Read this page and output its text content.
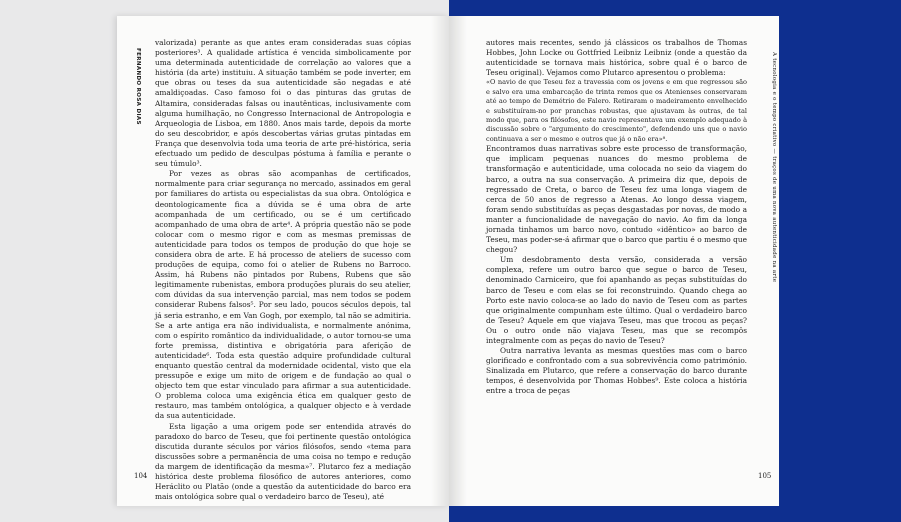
FERNANDO ROSA DIAS

valorizada) perante as que antes eram consideradas suas cópias posteriores³. A qualidade artística é vencida simbolicamente por uma determinada autenticidade de correlação ao valores que a história (da arte) instituiu. A situação também se pode inverter, em que obras ou teses da sua autenticidade são negadas e até amaldiçoadas. Caso famoso foi o das pinturas das grutas de Altamira, consideradas falsas ou inautênticas, inclusivamente com alguma humilhação, no Congresso Internacional de Antropologia e Arqueologia de Lisboa, em 1880. Anos mais tarde, depois da morte do seu descobridor, e após descobertas várias grutas pintadas em França que desenvolvia toda uma teoria de arte pré-histórica, seria efectuado um pedido de desculpas póstuma à família e perante o seu túmulo³.

Por vezes as obras são acompanhas de certificados, normalmente para criar segurança no mercado, assinados em geral por familiares do artista ou especialistas da sua obra. Ontológica e deontologicamente fica a dúvida se é uma obra de arte acompanhada de um certificado, ou se é um certificado acompanhado de uma obra de arte⁴. A própria questão não se pode colocar com o mesmo rigor e com as mesmas premissas de autenticidade para todos os tempos de produção do que hoje se considera obra de arte. E há processo de ateliers de sucesso com produções de equipa, como foi o atelier de Rubens no Barroco. Assim, há Rubens não pintados por Rubens, Rubens que são legitimamente rubenistas, embora produções plurais do seu atelier, com dúvidas da sua intervenção parcial, mas nem todos se podem considerar Rubens falsos⁵. Por seu lado, poucos séculos depois, tal já seria estranho, e em Van Gogh, por exemplo, tal não se admitiria. Se a arte antiga era não individualista, e normalmente anónima, com o espírito romântico da individualidade, o autor tornou-se uma forte premissa, distintiva e obrigatória para aferição de autenticidade⁶. Toda esta questão adquire profundidade cultural enquanto questão central da modernidade ocidental, visto que ela pressupõe e exige um mito de origem e de fundação ao qual o objecto tem que estar vinculado para afirmar a sua autenticidade. O problema coloca uma exigência ética em qualquer gesto de restauro, mas também ontológica, a qualquer objecto e à verdade da sua autenticidade.

Esta ligação a uma origem pode ser entendida através do paradoxo do barco de Teseu, que foi pertinente questão ontológica discutida durante séculos por vários filósofos, sendo «tema para discussões sobre a permanência de uma coisa no tempo e redução da margem de identificação da mesma»⁷. Plutarco fez a mediação histórica deste problema filosófico de autores anteriores, como Heráclito ou Platão (onde a questão da autenticidade do barco era mais ontológica sobre qual o verdadeiro barco de Teseu), até

104
A tecnologia e o tempo criativo — traços de uma nova autenticidade na arte

autores mais recentes, sendo já clássicos os trabalhos de Thomas Hobbes, John Locke ou Gottfried Leibniz Leibniz (onde a questão da autenticidade se tornava mais histórica, sobre qual é o barco de Teseu original). Vejamos como Plutarco apresentou o problema:

«O navio de que Teseu fez a travessia com os jovens e em que regressou são e salvo era uma embarcação de trinta remos que os Atenienses conservaram até ao tempo de Demétrio de Falero. Retiraram o madeiramento envelhecido e substituíram-no por pranchas robustas, que ajustavam às outras, de tal modo que, para os filósofos, este navio representava um exemplo adequado à discussão sobre o "argumento do crescimento", defendendo uns que o navio continuava a ser o mesmo e outros que já o não era»⁸.

Encontramos duas narrativas sobre este processo de transformação, que implicam pequenas nuances do mesmo problema de transformação e autenticidade, uma colocada no seio da viagem do barco, a outra na sua conservação. A primeira diz que, depois de regressado de Creta, o barco de Teseu fez uma longa viagem de cerca de 50 anos de regresso a Atenas. Ao longo dessa viagem, foram sendo substituídas as peças desgastadas por novas, de modo a manter a funcionalidade de navegação do navio. Ao fim da longa jornada tinhamos um barco novo, contudo «idêntico» ao barco de Teseu, mas poder-se-á afirmar que o barco que partiu é o mesmo que chegou?

Um desdobramento desta versão, considerada a versão complexa, refere um outro barco que segue o barco de Teseu, denominado Carniceiro, que foi apanhando as peças substituídas do barco de Teseu e com elas se foi reconstruindo. Quando chega ao Porto este navio coloca-se ao lado do navio de Teseu com as partes que originalmente compunham este último. Qual o verdadeiro barco de Teseu? Aquele em que viajava Teseu, mas que trocou as peças? Ou o outro onde não viajava Teseu, mas que se recompôs integralmente com as peças do navio de Teseu?

Outra narrativa levanta as mesmas questões mas com o barco glorificado e confrontado com a sua sobrevivência como património. Sinalizada em Plutarco, que refere a conservação do barco durante tempos, é desenvolvida por Thomas Hobbes⁹. Este coloca a história entre a troca de peças

105
